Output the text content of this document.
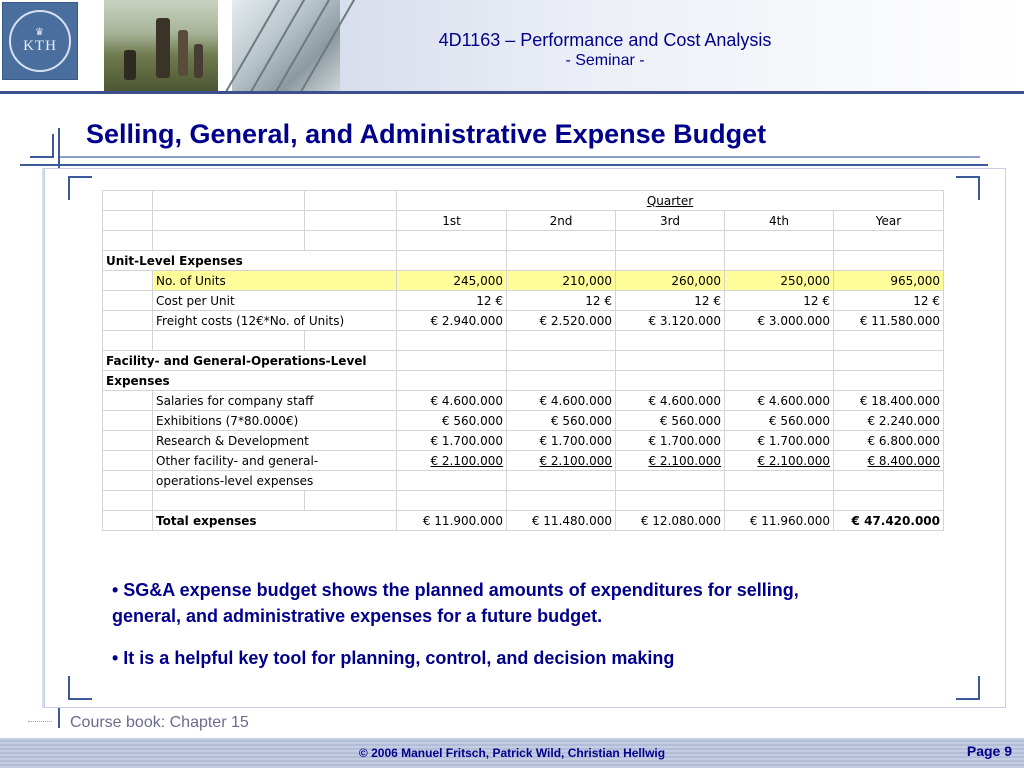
♛
KTH	4D1163 – Performance and Cost Analysis
- Seminar -
Selling, General, and Administrative Expense Budget
			Quarter				
			1st	2nd	3rd	4th	Year

Unit-Level Expenses							
	No. of Units		245,000	210,000	260,000	250,000	965,000
	Cost per Unit		12 €	12 €	12 €	12 €	12 €
	Freight costs (12€*No. of Units)		€ 2.940.000	€ 2.520.000	€ 3.120.000	€ 3.000.000	€ 11.580.000

Facility- and General-Operations-Level							
Expenses							
	Salaries for company staff		€ 4.600.000	€ 4.600.000	€ 4.600.000	€ 4.600.000	€ 18.400.000
	Exhibitions (7*80.000€)		€ 560.000	€ 560.000	€ 560.000	€ 560.000	€ 2.240.000
	Research & Development		€ 1.700.000	€ 1.700.000	€ 1.700.000	€ 1.700.000	€ 6.800.000
	Other facility- and general-		€ 2.100.000	€ 2.100.000	€ 2.100.000	€ 2.100.000	€ 8.400.000
	operations-level expenses						

	Total expenses		€ 11.900.000	€ 11.480.000	€ 12.080.000	€ 11.960.000	€ 47.420.000
• SG&A expense budget shows the planned amounts of expenditures for selling, general, and administrative expenses for a future budget.
• It is a helpful key tool for planning, control, and decision making
Course book: Chapter 15
© 2006 Manuel Fritsch, Patrick Wild, Christian Hellwig	Page 9
